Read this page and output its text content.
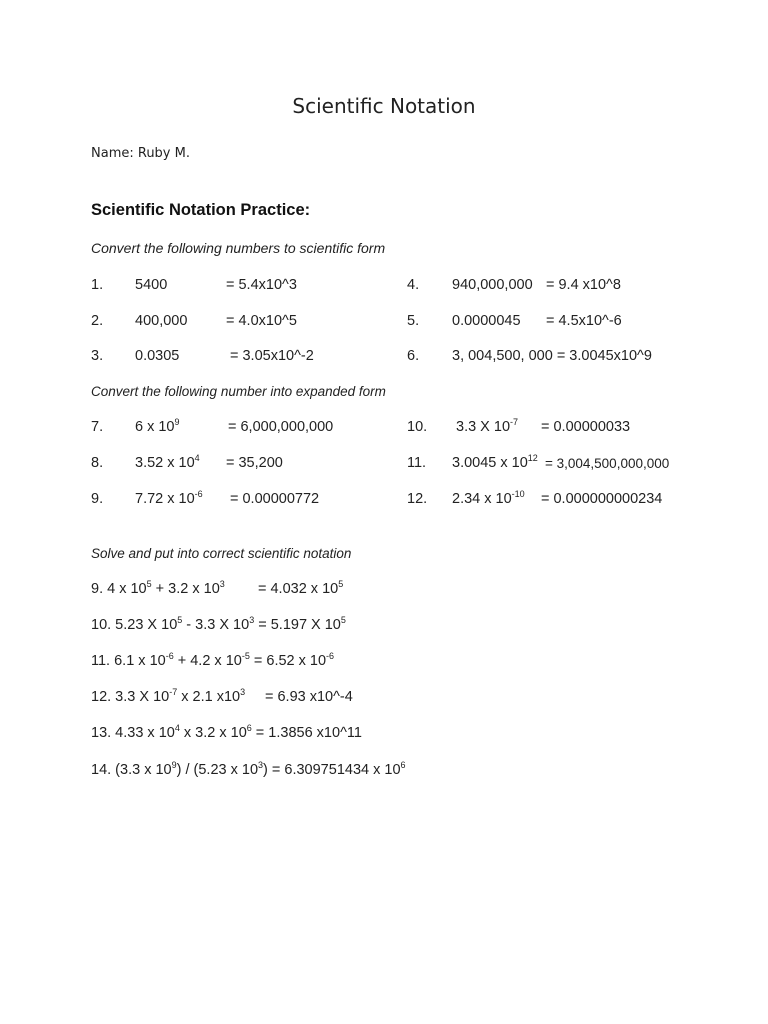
Scientific Notation
Name: Ruby M.
Scientific Notation Practice:
Convert the following numbers to scientific form
1. 5400	= 5.4x10^3
2. 400,000	= 4.0x10^5
3. 0.0305	= 3.05x10^-2
4. 940,000,000 = 9.4 x10^8
5. 0.0000045 = 4.5x10^-6
6. 3, 004,500, 000 = 3.0045x10^9
Convert the following number into expanded form
7. 6 x $10^9$	= 6,000,000,000
8. 3.52 x $10^4 = 35,200$
9. 7.72 x $10^{-6} = 0.00000772$
10. 3.3 X $10^{-7} = 0.00000033$
11. 3.0045 x $10^{12} = 3,004,500,000,000$
12. 2.34 x $10^{-10} = 0.000000000234$
Solve and put into correct scientific notation
9. 4 x $10^5 + 3.2$ x $10^3 = 4.032$ x $10^5$
10. 5.23 X $10^5 - 3.3$ X $10^3 = 5.197$ X $10^5$
11. 6.1 x $10^{-6} + 4.2$ x $10^{-5} = 6.52$ x $10^{-6}$
12. 3.3 X $10^{-7}$ x 2.1 $x10^3 = 6.93$ x10^-4
13. 4.33 x $10^4$ x 3.2 x $10^6 = 1.3856$ x10^11
14. (3.3 x $10^9) / (5.23$ x $10^3) = 6.309751434$ x $10^6$
